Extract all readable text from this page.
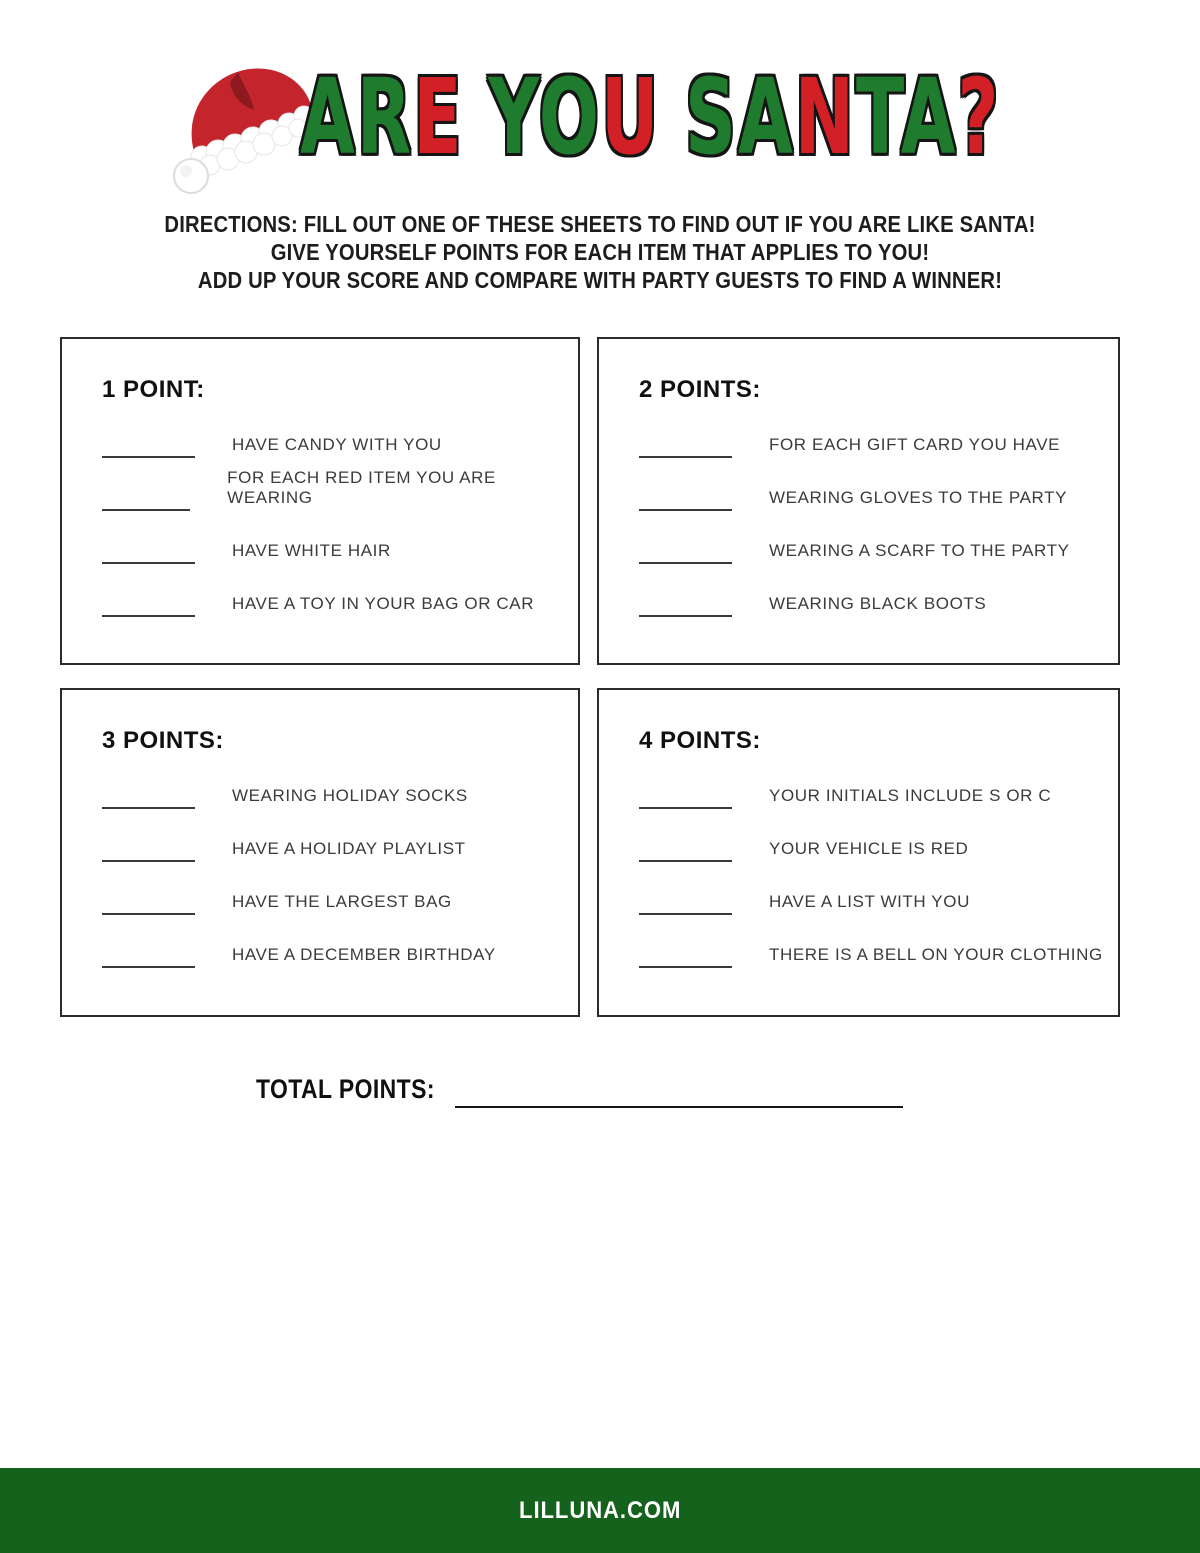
ARE YOU SANTA?

DIRECTIONS: FILL OUT ONE OF THESE SHEETS TO FIND OUT IF YOU ARE LIKE SANTA!
GIVE YOURSELF POINTS FOR EACH ITEM THAT APPLIES TO YOU!
ADD UP YOUR SCORE AND COMPARE WITH PARTY GUESTS TO FIND A WINNER!

1 POINT:
HAVE CANDY WITH YOU
FOR EACH RED ITEM YOU ARE WEARING
HAVE WHITE HAIR
HAVE A TOY IN YOUR BAG OR CAR
2 POINTS:
FOR EACH GIFT CARD YOU HAVE
WEARING GLOVES TO THE PARTY
WEARING A SCARF TO THE PARTY
WEARING BLACK BOOTS
3 POINTS:
WEARING HOLIDAY SOCKS
HAVE A HOLIDAY PLAYLIST
HAVE THE LARGEST BAG
HAVE A DECEMBER BIRTHDAY
4 POINTS:
YOUR INITIALS INCLUDE S OR C
YOUR VEHICLE IS RED
HAVE A LIST WITH YOU
THERE IS A BELL ON YOUR CLOTHING
TOTAL POINTS:
LILLUNA.COM
